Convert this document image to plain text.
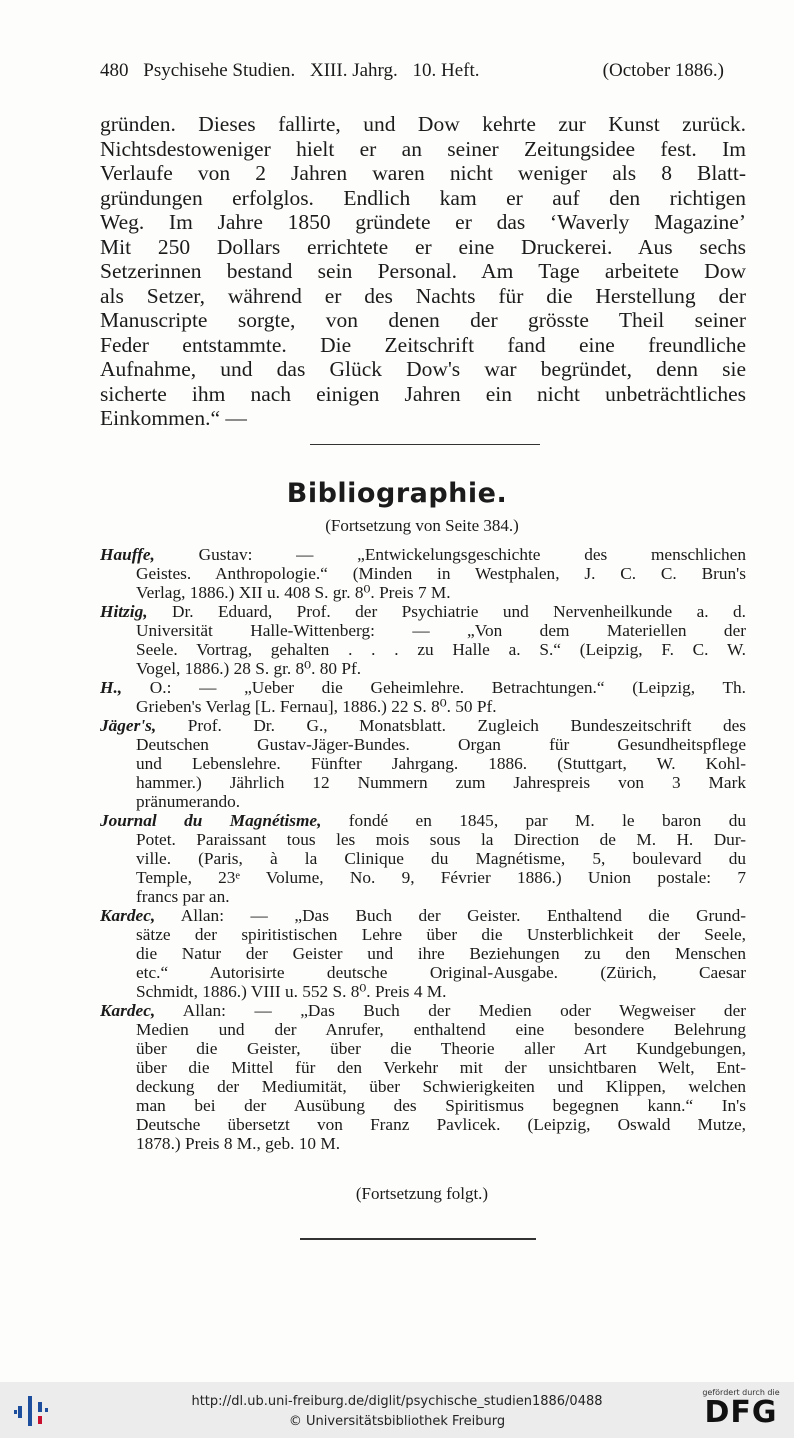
480 Psychisehe Studien. XIII. Jahrg. 10. Heft.	(October 1886.)
gründen. Dieses fallirte, und Dow kehrte zur Kunst zurück.
Nichtsdestoweniger hielt er an seiner Zeitungsidee fest. Im
Verlaufe von 2 Jahren waren nicht weniger als 8 Blatt-
gründungen erfolglos. Endlich kam er auf den richtigen
Weg. Im Jahre 1850 gründete er das ‘Waverly Magazine’
Mit 250 Dollars errichtete er eine Druckerei. Aus sechs
Setzerinnen bestand sein Personal. Am Tage arbeitete Dow
als Setzer, während er des Nachts für die Herstellung der
Manuscripte sorgte, von denen der grösste Theil seiner
Feder entstammte. Die Zeitschrift fand eine freundliche
Aufnahme, und das Glück Dow's war begründet, denn sie
sicherte ihm nach einigen Jahren ein nicht unbeträchtliches
Einkommen.“ —
Bibliographie.
(Fortsetzung von Seite 384.)
Hauffe, Gustav: — „Entwickelungsgeschichte des menschlichen
Geistes. Anthropologie.“ (Minden in Westphalen, J. C. C. Brun's
Verlag, 1886.) XII u. 408 S. gr. 8⁰. Preis 7 M.
Hitzig, Dr. Eduard, Prof. der Psychiatrie und Nervenheilkunde a. d.
Universität Halle-Wittenberg: — „Von dem Materiellen der
Seele. Vortrag, gehalten . . . zu Halle a. S.“ (Leipzig, F. C. W.
Vogel, 1886.) 28 S. gr. 8⁰. 80 Pf.
H., O.: — „Ueber die Geheimlehre. Betrachtungen.“ (Leipzig, Th.
Grieben's Verlag [L. Fernau], 1886.) 22 S. 8⁰. 50 Pf.
Jäger's, Prof. Dr. G., Monatsblatt. Zugleich Bundeszeitschrift des
Deutschen Gustav-Jäger-Bundes. Organ für Gesundheitspflege
und Lebenslehre. Fünfter Jahrgang. 1886. (Stuttgart, W. Kohl-
hammer.) Jährlich 12 Nummern zum Jahrespreis von 3 Mark
pränumerando.
Journal du Magnétisme, fondé en 1845, par M. le baron du
Potet. Paraissant tous les mois sous la Direction de M. H. Dur-
ville. (Paris, à la Clinique du Magnétisme, 5, boulevard du
Temple, 23ᵉ Volume, No. 9, Février 1886.) Union postale: 7
francs par an.
Kardec, Allan: — „Das Buch der Geister. Enthaltend die Grund-
sätze der spiritistischen Lehre über die Unsterblichkeit der Seele,
die Natur der Geister und ihre Beziehungen zu den Menschen
etc.“ Autorisirte deutsche Original-Ausgabe. (Zürich, Caesar
Schmidt, 1886.) VIII u. 552 S. 8⁰. Preis 4 M.
Kardec, Allan: — „Das Buch der Medien oder Wegweiser der
Medien und der Anrufer, enthaltend eine besondere Belehrung
über die Geister, über die Theorie aller Art Kundgebungen,
über die Mittel für den Verkehr mit der unsichtbaren Welt, Ent-
deckung der Mediumität, über Schwierigkeiten und Klippen, welchen
man bei der Ausübung des Spiritismus begegnen kann.“ In's
Deutsche übersetzt von Franz Pavlicek. (Leipzig, Oswald Mutze,
1878.) Preis 8 M., geb. 10 M.
(Fortsetzung folgt.)
http://dl.ub.uni-freiburg.de/diglit/psychische_studien1886/0488
© Universitätsbibliothek Freiburg
gefördert durch die
DFG
